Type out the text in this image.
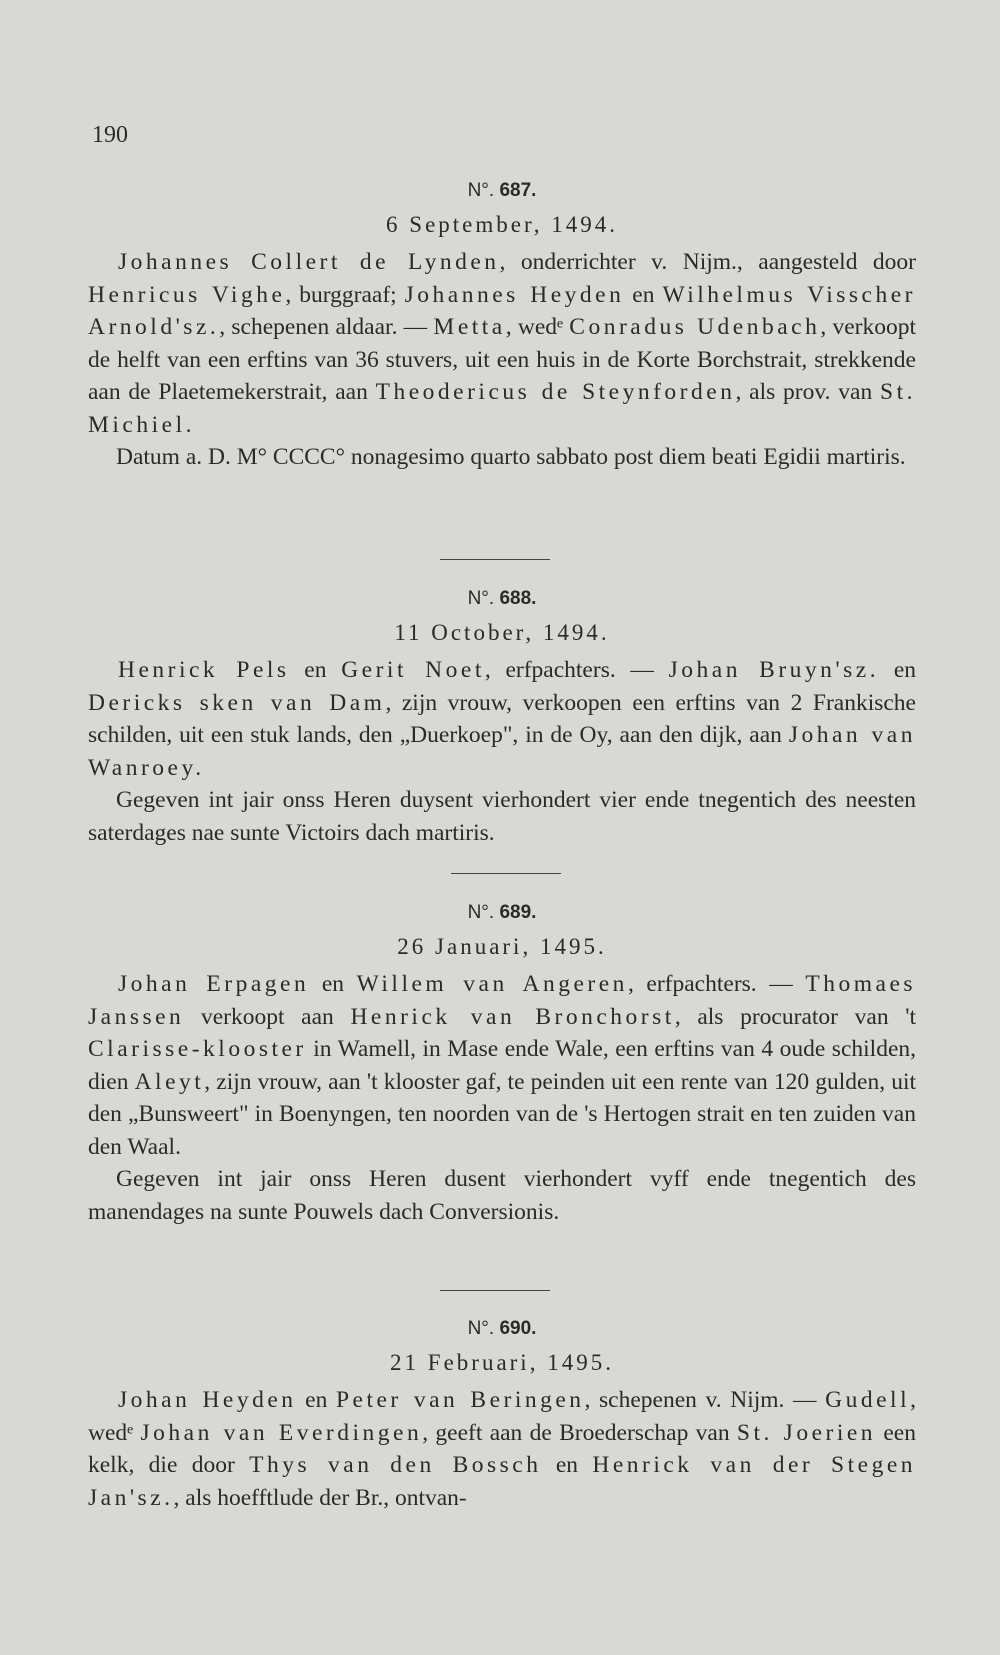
190
N°. 687.
6 September, 1494.

Johannes Collert de Lynden, onderrichter v. Nijm., aangesteld door Henricus Vighe, burggraaf; Johannes Heyden en Wilhelmus Visscher Arnold'sz., schepenen aldaar. — Metta, wedᵉ Conradus Udenbach, verkoopt de helft van een erftins van 36 stuvers, uit een huis in de Korte Borchstrait, strekkende aan de Plaetemekerstrait, aan Theodericus de Steynforden, als prov. van St. Michiel.

Datum a. D. M° CCCC° nonagesimo quarto sabbato post diem beati Egidii martiris.

N°. 688.
11 October, 1494.

Henrick Pels en Gerit Noet, erfpachters. — Johan Bruyn'sz. en Dericks sken van Dam, zijn vrouw, verkoopen een erftins van 2 Frankische schilden, uit een stuk lands, den „Duerkoep", in de Oy, aan den dijk, aan Johan van Wanroey.

Gegeven int jair onss Heren duysent vierhondert vier ende tnegentich des neesten saterdages nae sunte Victoirs dach martiris.

N°. 689.
26 Januari, 1495.

Johan Erpagen en Willem van Angeren, erfpachters. — Thomaes Janssen verkoopt aan Henrick van Bronchorst, als procurator van 't Clarisse-klooster in Wamell, in Mase ende Wale, een erftins van 4 oude schilden, dien Aleyt, zijn vrouw, aan 't klooster gaf, te peinden uit een rente van 120 gulden, uit den „Bunsweert" in Boenyngen, ten noorden van de 's Hertogen strait en ten zuiden van den Waal.

Gegeven int jair onss Heren dusent vierhondert vyff ende tnegentich des manendages na sunte Pouwels dach Conversionis.

N°. 690.
21 Februari, 1495.

Johan Heyden en Peter van Beringen, schepenen v. Nijm. — Gudell, wedᵉ Johan van Everdingen, geeft aan de Broederschap van St. Joerien een kelk, die door Thys van den Bossch en Henrick van der Stegen Jan'sz., als hoefftlude der Br., ontvan-
